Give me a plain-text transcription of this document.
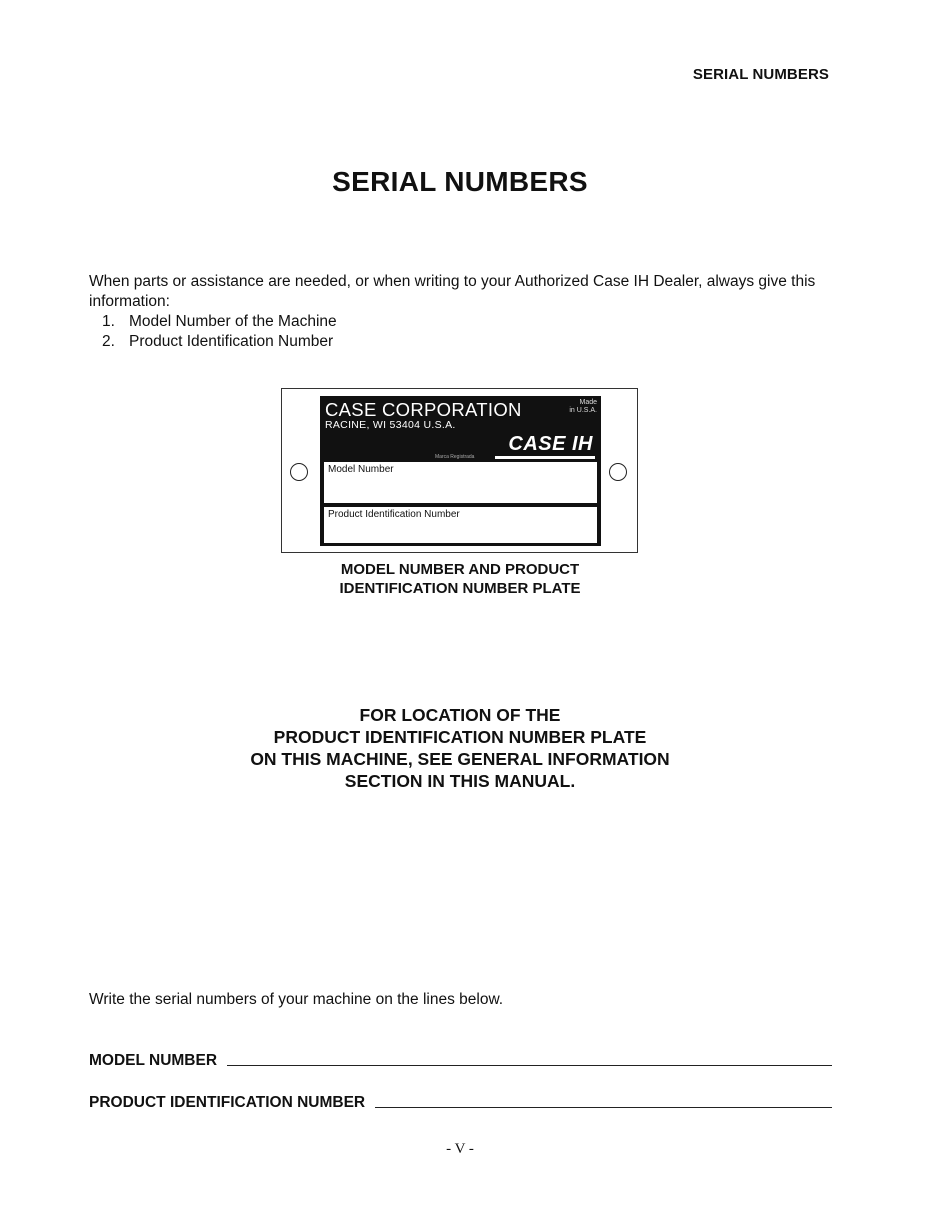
SERIAL NUMBERS
SERIAL NUMBERS

When parts or assistance are needed, or when writing to your Authorized Case IH Dealer, always give this information:

1. Model Number of the Machine
2. Product Identification Number
CASE CORPORATION
RACINE, WI 53404 U.S.A.
Made
in U.S.A.
CASE IH
Marca Registrada
Model Number
Product Identification Number
MODEL NUMBER AND PRODUCT
IDENTIFICATION NUMBER PLATE
FOR LOCATION OF THE
PRODUCT IDENTIFICATION NUMBER PLATE
ON THIS MACHINE, SEE GENERAL INFORMATION
SECTION IN THIS MANUAL.

Write the serial numbers of your machine on the lines below.

MODEL NUMBER
PRODUCT IDENTIFICATION NUMBER
- V -
